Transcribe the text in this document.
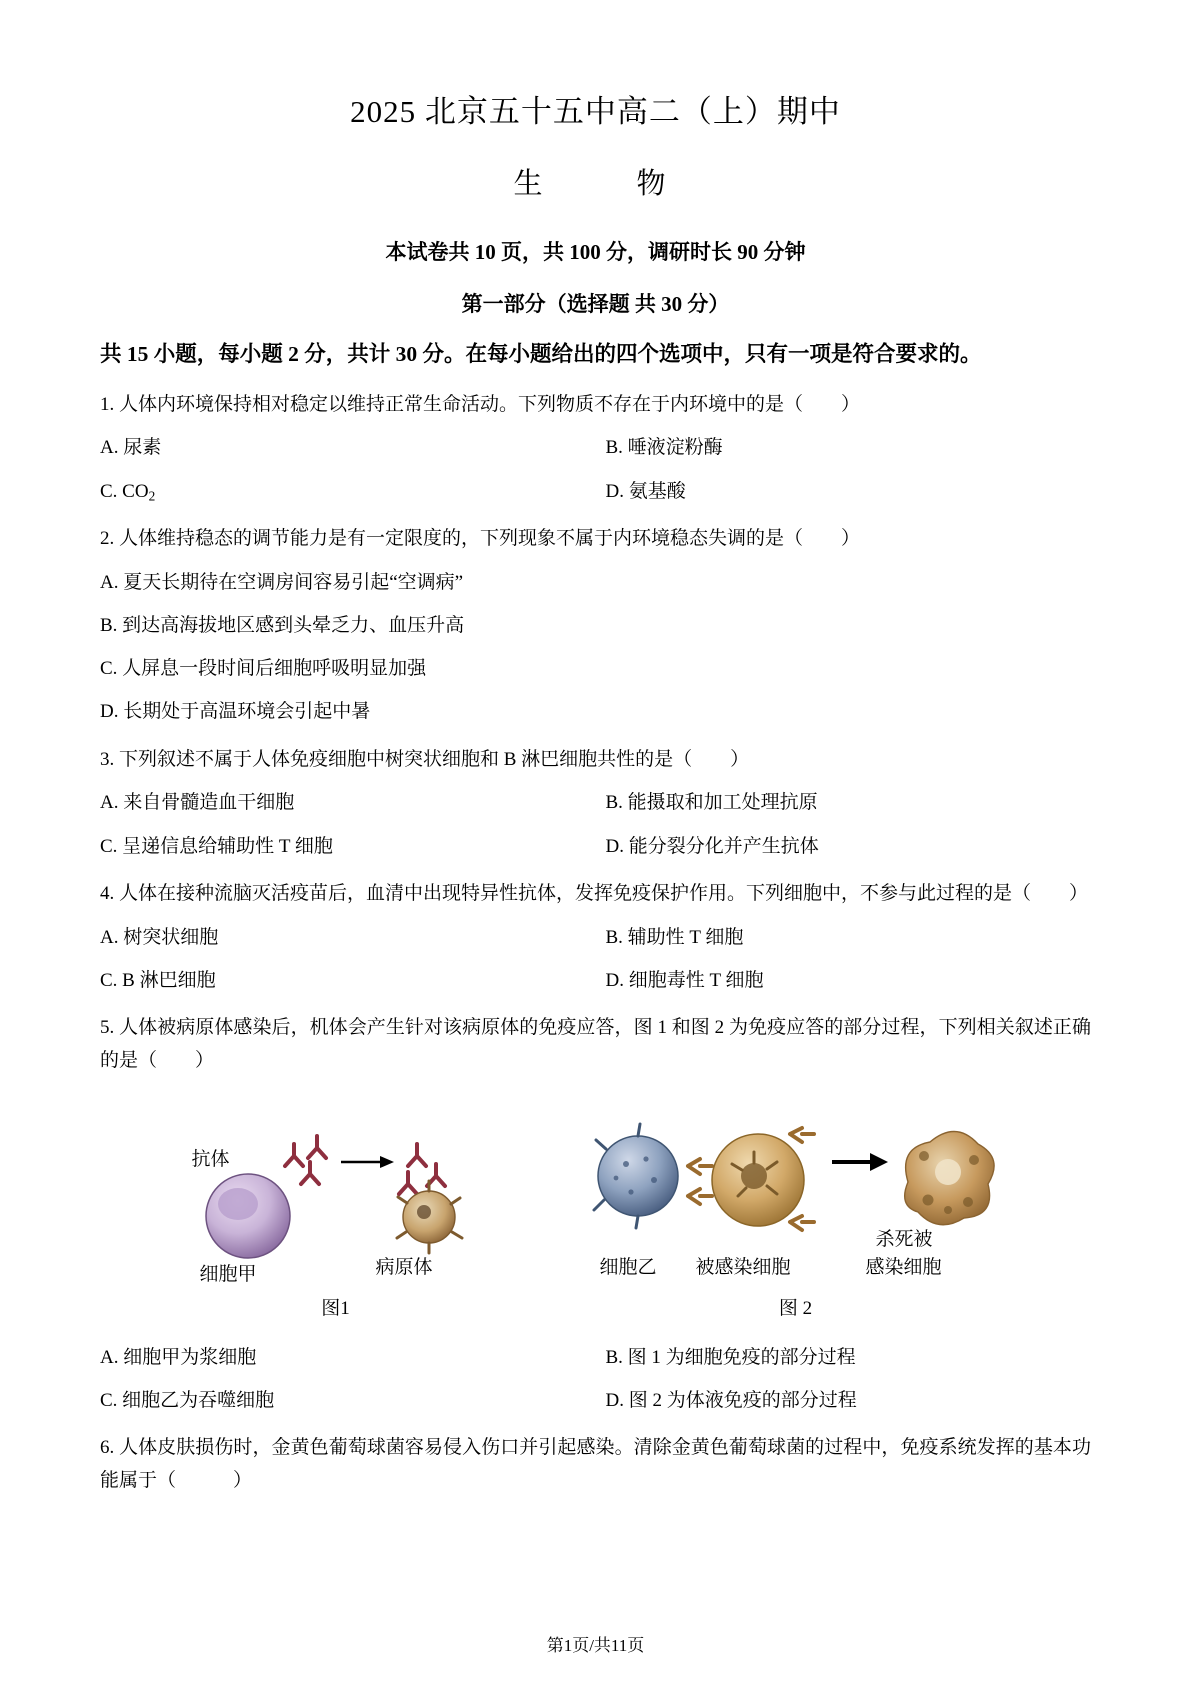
2025 北京五十五中高二（上）期中
生　　物
本试卷共 10 页，共 100 分，调研时长 90 分钟
第一部分（选择题 共 30 分）
共 15 小题，每小题 2 分，共计 30 分。在每小题给出的四个选项中，只有一项是符合要求的。
1. 人体内环境保持相对稳定以维持正常生命活动。下列物质不存在于内环境中的是（　　）
A. 尿素	B. 唾液淀粉酶
C. $CO_2$	D. 氨基酸
2. 人体维持稳态的调节能力是有一定限度的，下列现象不属于内环境稳态失调的是（　　）
A. 夏天长期待在空调房间容易引起“空调病”
B. 到达高海拔地区感到头晕乏力、血压升高
C. 人屏息一段时间后细胞呼吸明显加强
D. 长期处于高温环境会引起中暑
3. 下列叙述不属于人体免疫细胞中树突状细胞和 B 淋巴细胞共性的是（　　）
A. 来自骨髓造血干细胞	B. 能摄取和加工处理抗原
C. 呈递信息给辅助性 T 细胞	D. 能分裂分化并产生抗体
4. 人体在接种流脑灭活疫苗后，血清中出现特异性抗体，发挥免疫保护作用。下列细胞中，不参与此过程的是（　　）
A. 树突状细胞	B. 辅助性 T 细胞
C. B 淋巴细胞	D. 细胞毒性 T 细胞
5. 人体被病原体感染后，机体会产生针对该病原体的免疫应答，图 1 和图 2 为免疫应答的部分过程，下列相关叙述正确的是（　　）
抗体
病原体
细胞甲
图1
细胞乙 被感染细胞
杀死被
感染细胞
图 2
A. 细胞甲为浆细胞	B. 图 1 为细胞免疫的部分过程
C. 细胞乙为吞噬细胞	D. 图 2 为体液免疫的部分过程
6. 人体皮肤损伤时，金黄色葡萄球菌容易侵入伤口并引起感染。清除金黄色葡萄球菌的过程中，免疫系统发挥的基本功能属于（　　　）
第1页/共11页
